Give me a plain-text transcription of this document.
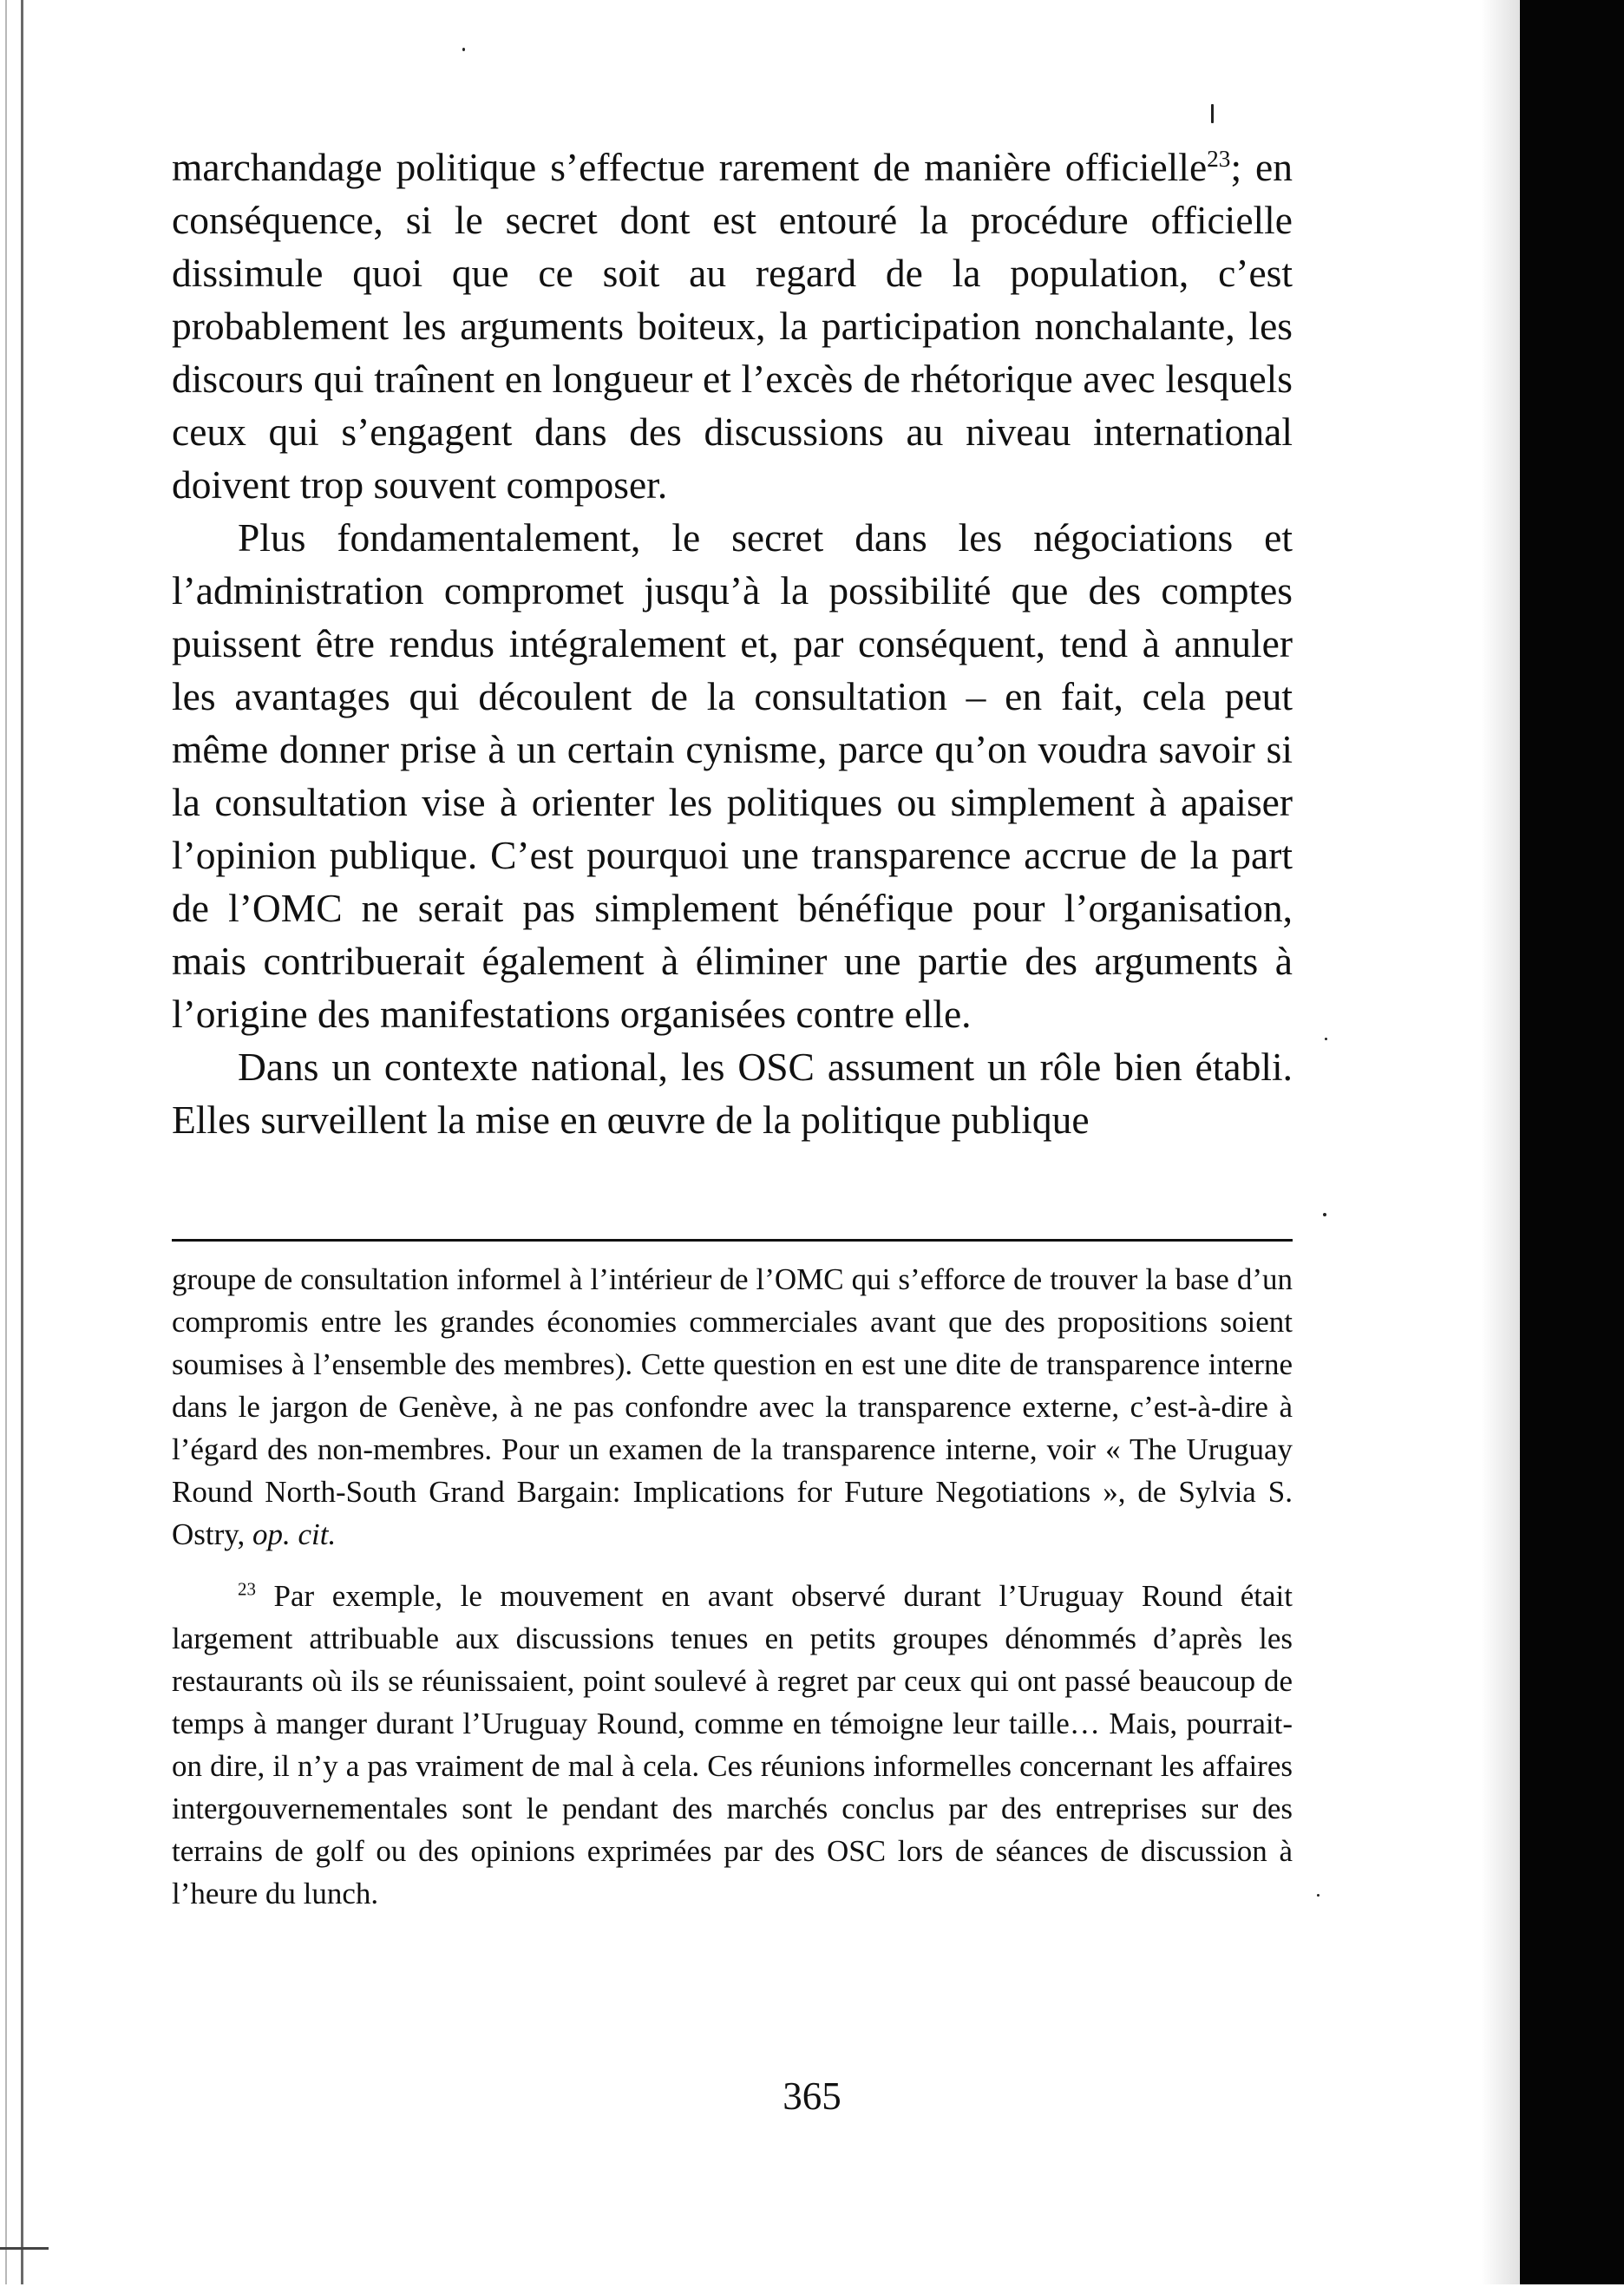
marchandage politique s’effectue rarement de manière officielle$^{23}$; en conséquence, si le secret dont est entouré la procédure officielle dissimule quoi que ce soit au regard de la population, c’est probablement les arguments boiteux, la participation nonchalante, les discours qui traînent en longueur et l’excès de rhétorique avec lesquels ceux qui s’engagent dans des discussions au niveau international doivent trop souvent composer.

Plus fondamentalement, le secret dans les négociations et l’administration compromet jusqu’à la possibilité que des comptes puissent être rendus intégralement et, par conséquent, tend à annuler les avantages qui découlent de la consultation – en fait, cela peut même donner prise à un certain cynisme, parce qu’on voudra savoir si la consultation vise à orienter les politiques ou simplement à apaiser l’opinion publique. C’est pourquoi une transparence accrue de la part de l’OMC ne serait pas simplement bénéfique pour l’organisation, mais contribuerait également à éliminer une partie des arguments à l’origine des manifestations organisées contre elle.

Dans un contexte national, les OSC assument un rôle bien établi. Elles surveillent la mise en œuvre de la politique publique

groupe de consultation informel à l’intérieur de l’OMC qui s’efforce de trouver la base d’un compromis entre les grandes économies commerciales avant que des propositions soient soumises à l’ensemble des membres). Cette question en est une dite de transparence interne dans le jargon de Genève, à ne pas confondre avec la transparence externe, c’est-à-dire à l’égard des non-membres. Pour un examen de la transparence interne, voir « The Uruguay Round North-South Grand Bargain: Implications for Future Negotiations », de Sylvia S. Ostry, op. cit.

$^{23}$ Par exemple, le mouvement en avant observé durant l’Uruguay Round était largement attribuable aux discussions tenues en petits groupes dénommés d’après les restaurants où ils se réunissaient, point soulevé à regret par ceux qui ont passé beaucoup de temps à manger durant l’Uruguay Round, comme en témoigne leur taille… Mais, pourrait-on dire, il n’y a pas vraiment de mal à cela. Ces réunions informelles concernant les affaires intergouvernementales sont le pendant des marchés conclus par des entreprises sur des terrains de golf ou des opinions exprimées par des OSC lors de séances de discussion à l’heure du lunch.

365
